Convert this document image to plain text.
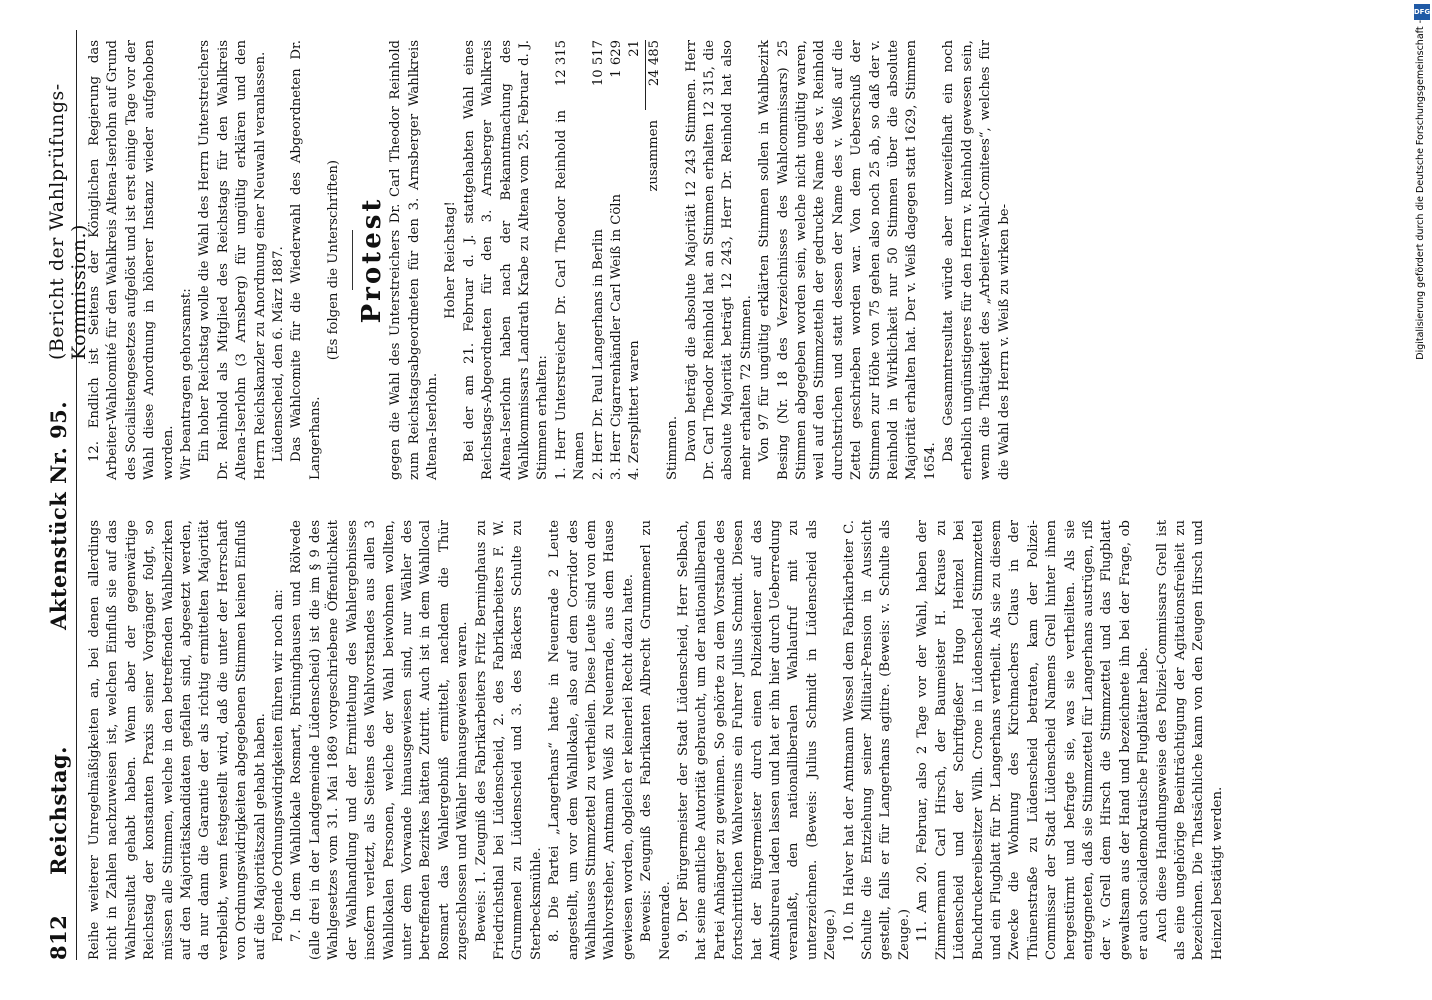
812
Reichstag.
Aktenstück Nr. 95.
(Bericht der Wahlprüfungs-Kommission.)

Reihe weiterer Unregelmäßigkeiten an, bei denen allerdings nicht in Zahlen nachzuweisen ist, welchen Einfluß sie auf das Wahlresultat gehabt haben. Wenn aber der gegenwärtige Reichstag der konstanten Praxis seiner Vorgänger folgt, so müssen alle Stimmen, welche in den betreffenden Wahlbezirken auf den Majoritätskandidaten gefallen sind, abgesetzt werden, da nur dann die Garantie der als richtig ermittelten Majorität verbleibt, wenn festgestellt wird, daß die unter der Herrschaft von Ordnungswidrigkeiten abgegebenen Stimmen keinen Einfluß auf die Majoritätszahl gehabt haben. Folgende Ordnungswidrigkeiten führen wir noch an: 7. In dem Wahllokale Rosmart, Brüninghausen und Rölvede (alle drei in der Landgemeinde Lüdenscheid) ist die im § 9 des Wahlgesetzes vom 31. Mai 1869 vorgeschriebene Öffentlichkeit der Wahlhandlung und der Ermittelung des Wahlergebnisses insofern verletzt, als Seitens des Wahlvorstandes aus allen 3 Wahllokalen Personen, welche der Wahl beiwohnen wollten, unter dem Vorwande hinausgewiesen sind, nur Wähler des betreffenden Bezirkes hätten Zutritt. Auch ist in dem Wahllocal Rosmart das Wahlergebniß ermittelt, nachdem die Thür zugeschlossen und Wähler hinausgewiesen waren. Beweis: 1. Zeugniß des Fabrikarbeiters Fritz Berninghaus zu Friedrichsthal bei Lüdenscheid, 2. des Fabrikarbeiters F. W. Grummenel zu Lüdenscheid und 3. des Bäckers Schulte zu Sterbecksmühle. 8. Die Partei „Langerhans“ hatte in Neuenrade 2 Leute angestellt, um vor dem Wahllokale, also auf dem Corridor des Wahlhauses Stimmzettel zu vertheilen. Diese Leute sind von dem Wahlvorsteher, Amtmann Weiß zu Neuenrade, aus dem Hause gewiesen worden, obgleich er keinerlei Recht dazu hatte. Beweis: Zeugniß des Fabrikanten Albrecht Grummenerl zu Neuenrade. 9. Der Bürgermeister der Stadt Lüdenscheid, Herr Selbach, hat seine amtliche Autorität gebraucht, um der nationalliberalen Partei Anhänger zu gewinnen. So gehörte zu dem Vorstande des fortschrittlichen Wahlvereins ein Fuhrer Julius Schmidt. Diesen hat der Bürgermeister durch einen Polizeidiener auf das Amtsbureau laden lassen und hat er ihn hier durch Ueberredung veranlaßt, den nationalliberalen Wahlaufruf mit zu unterzeichnen. (Beweis: Julius Schmidt in Lüdenscheid als Zeuge.) 10. In Halver hat der Amtmann Wessel dem Fabrikarbeiter C. Schulte die Entziehung seiner Militair-Pension in Aussicht gestellt, falls er für Langerhans agitire. (Beweis: v. Schulte als Zeuge.) 11. Am 20. Februar, also 2 Tage vor der Wahl, haben der Zimmermann Carl Hirsch, der Baumeister H. Krause zu Lüdenscheid und der Schriftgießer Hugo Heinzel bei Buchdruckereibesitzer Wilh. Crone in Lüdenscheid Stimmzettel und ein Flugblatt für Dr. Langerhans vertheilt. Als sie zu diesem Zwecke die Wohnung des Kirchmachers Claus in der Thünenstraße zu Lüdenscheid betraten, kam der Polizei-Commissar der Stadt Lüdenscheid Namens Grell hinter ihnen hergestürmt und befragte sie, was sie vertheilten. Als sie entgegneten, daß sie Stimmzettel für Langerhans austrügen, riß der v. Grell dem Hirsch die Stimmzettel und das Flugblatt gewaltsam aus der Hand und bezeichnete ihn bei der Frage, ob er auch socialdemokratische Flugblätter habe. Auch diese Handlungsweise des Polizei-Commissars Grell ist als eine ungehörige Beeinträchtigung der Agitationsfreiheit zu bezeichnen. Die Thatsächliche kann von den Zeugen Hirsch und Heinzel bestätigt werden.

12. Endlich ist Seitens der Königlichen Regierung das Arbeiter-Wahlcomité für den Wahlkreis Altena-Iserlohn auf Grund des Socialistengesetzes aufgelöst und ist erst einige Tage vor der Wahl diese Anordnung in höherer Instanz wieder aufgehoben worden. Wir beantragen gehorsamst: Ein hoher Reichstag wolle die Wahl des Herrn Unterstreichers Dr. Reinhold als Mitglied des Reichstags für den Wahlkreis Altena-Iserlohn (3 Arnsberg) für ungültig erklären und den Herrn Reichskanzler zu Anordnung einer Neuwahl veranlassen. Lüdenscheid, den 6. März 1887. Das Wahlcomite für die Wiederwahl des Abgeordneten Dr. Langerhans.

(Es folgen die Unterschriften) Protest gegen die Wahl des Unterstreichers Dr. Carl Theodor Reinhold zum Reichstagsabgeordneten für den 3. Arnsberger Wahlkreis Altena-Iserlohn.

Hoher Reichstag! Bei der am 21. Februar d. J. stattgehabten Wahl eines Reichstags-Abgeordneten für den 3. Arnsberger Wahlkreis Altena-Iserlohn haben nach der Bekanntmachung des Wahlkommissars Landrath Krabe zu Altena vom 25. Februar d. J. Stimmen erhalten: 1. Herr Unterstreicher Dr. Carl Theodor Reinhold in Namen	12 315
2. Herr Dr. Paul Langerhans in Berlin	10 517
3. Herr Cigarrenhändler Carl Weiß in Cöln	1 629
4. Zersplittert waren	21
zusammen	24 485

Stimmen. Davon beträgt die absolute Majorität 12 243 Stimmen. Herr Dr. Carl Theodor Reinhold hat an Stimmen erhalten 12 315, die absolute Majorität beträgt 12 243, Herr Dr. Reinhold hat also mehr erhalten 72 Stimmen. Von 97 für ungültig erklärten Stimmen sollen in Wahlbezirk Besing (Nr. 18 des Verzeichnisses des Wahlcommissars) 25 Stimmen abgegeben worden sein, welche nicht ungültig waren, weil auf den Stimmzetteln der gedruckte Name des v. Reinhold durchstrichen und statt dessen der Name des v. Weiß auf die Zettel geschrieben worden war. Von dem Ueberschuß der Stimmen zur Höhe von 75 gehen also noch 25 ab, so daß der v. Reinhold in Wirklichkeit nur 50 Stimmen über die absolute Majorität erhalten hat. Der v. Weiß dagegen statt 1629, Stimmen 1654. Das Gesammtresultat würde aber unzweifelhaft ein noch erheblich ungünstigeres für den Herrn v. Reinhold gewesen sein, wenn die Thätigkeit des „Arbeiter-Wahl-Comitees“, welches für die Wahl des Herrn v. Weiß zu wirken be-

DFG
Digitalisierung gefördert durch die Deutsche Forschungsgemeinschaft -
